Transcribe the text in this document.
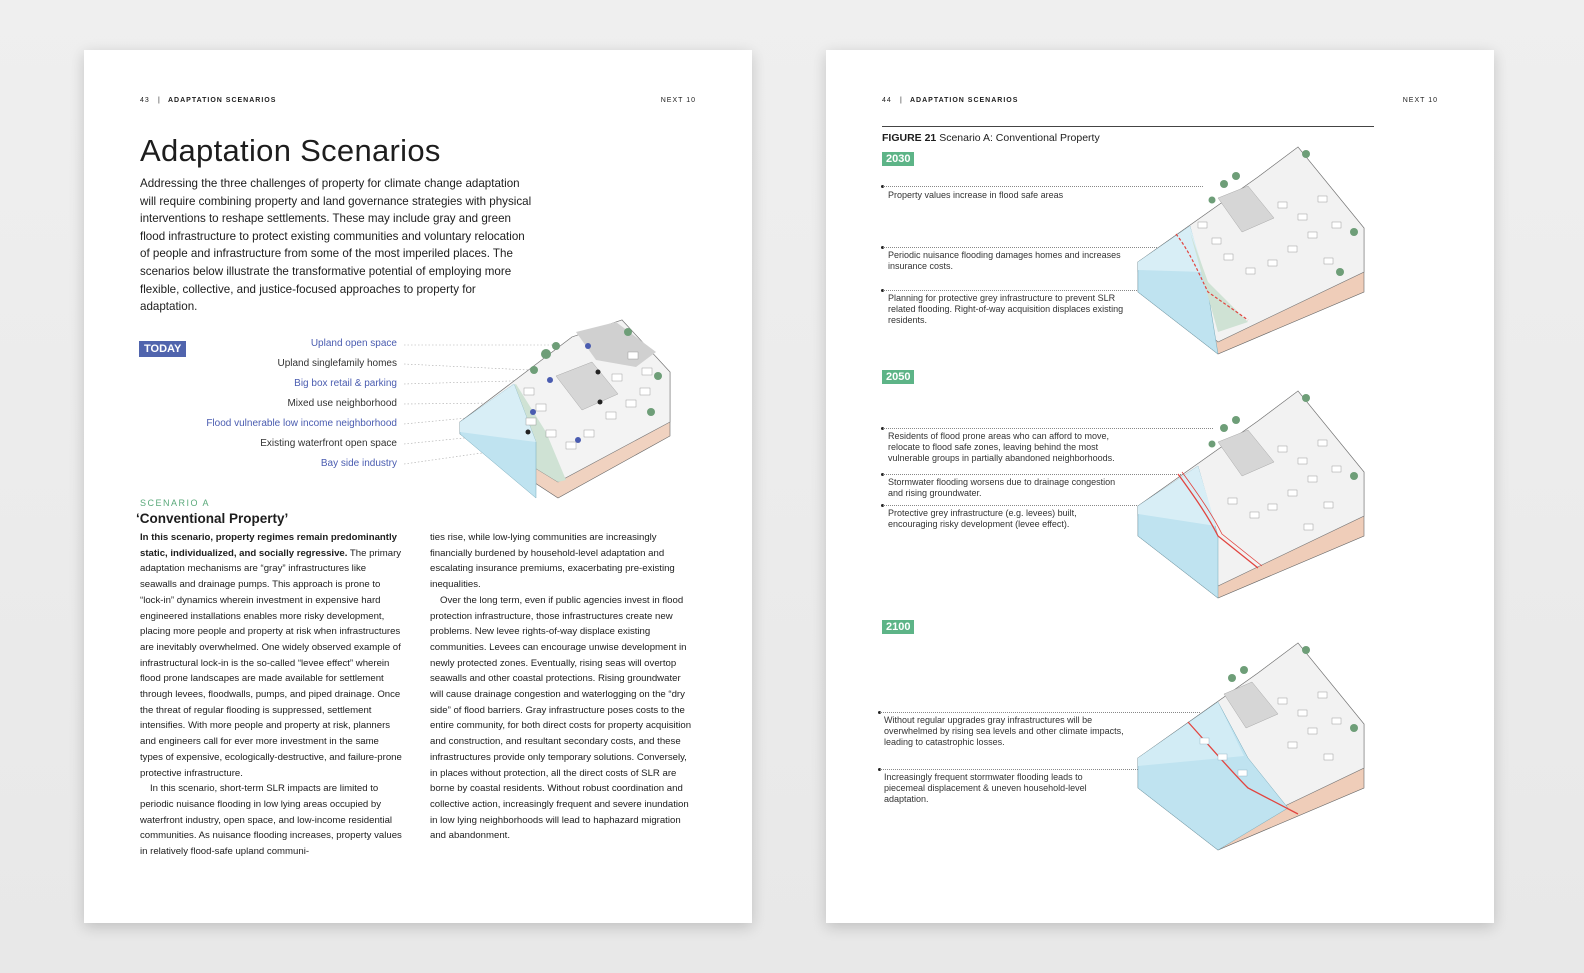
43 | ADAPTATION SCENARIOS	NEXT 10
Adaptation Scenarios
Addressing the three challenges of property for climate change adaptation will require combining property and land governance strategies with physical interventions to reshape settlements. These may include gray and green flood infrastructure to protect existing communities and voluntary relocation of people and infrastructure from some of the most imperiled places. The scenarios below illustrate the transformative potential of employing more flexible, collective, and justice-focused approaches to property for adaptation.
TODAY	Upland open space
Upland singlefamily homes
Big box retail & parking
Mixed use neighborhood
Flood vulnerable low income neighborhood
Existing waterfront open space
Bay side industry
SCENARIO A
‘Conventional Property’

In this scenario, property regimes remain predominantly static, individualized, and socially regressive. The primary adaptation mechanisms are “gray” infrastructures like seawalls and drainage pumps. This approach is prone to “lock-in” dynamics wherein investment in expensive hard engineered installations enables more risky development, placing more people and property at risk when infrastructures are inevitably overwhelmed. One widely observed example of infrastructural lock-in is the so-called “levee effect” wherein flood prone landscapes are made available for settlement through levees, floodwalls, pumps, and piped drainage. Once the threat of regular flooding is suppressed, settlement intensifies. With more people and property at risk, planners and engineers call for ever more investment in the same types of expensive, ecologically-destructive, and failure-prone protective infrastructure.

In this scenario, short-term SLR impacts are limited to periodic nuisance flooding in low lying areas occupied by waterfront industry, open space, and low-income residential communities. As nuisance flooding increases, property values in relatively flood-safe upland communi-

ties rise, while low-lying communities are increasingly financially burdened by household-level adaptation and escalating insurance premiums, exacerbating pre-existing inequalities.

Over the long term, even if public agencies invest in flood protection infrastructure, those infrastructures create new problems. New levee rights-of-way displace existing communities. Levees can encourage unwise development in newly protected zones. Eventually, rising seas will overtop seawalls and other coastal protections. Rising groundwater will cause drainage congestion and waterlogging on the “dry side” of flood barriers. Gray infrastructure poses costs to the entire community, for both direct costs for property acquisition and construction, and resultant secondary costs, and these infrastructures provide only temporary solutions. Conversely, in places without protection, all the direct costs of SLR are borne by coastal residents. Without robust coordination and collective action, increasingly frequent and severe inundation in low lying neighborhoods will lead to haphazard migration and abandonment.

44 | ADAPTATION SCENARIOS	NEXT 10
FIGURE 21 Scenario A: Conventional Property
2030
Property values increase in flood safe areas
Periodic nuisance flooding damages homes and increases insurance costs.
Planning for protective grey infrastructure to prevent SLR related flooding. Right-of-way acquisition displaces existing residents.
2050
Residents of flood prone areas who can afford to move, relocate to flood safe zones, leaving behind the most vulnerable groups in partially abandoned neighborhoods.
Stormwater flooding worsens due to drainage congestion and rising groundwater.
Protective grey infrastructure (e.g. levees) built, encouraging risky development (levee effect).
2100
Without regular upgrades gray infrastructures will be overwhelmed by rising sea levels and other climate impacts, leading to catastrophic losses.
Increasingly frequent stormwater flooding leads to piecemeal displacement & uneven household-level adaptation.
